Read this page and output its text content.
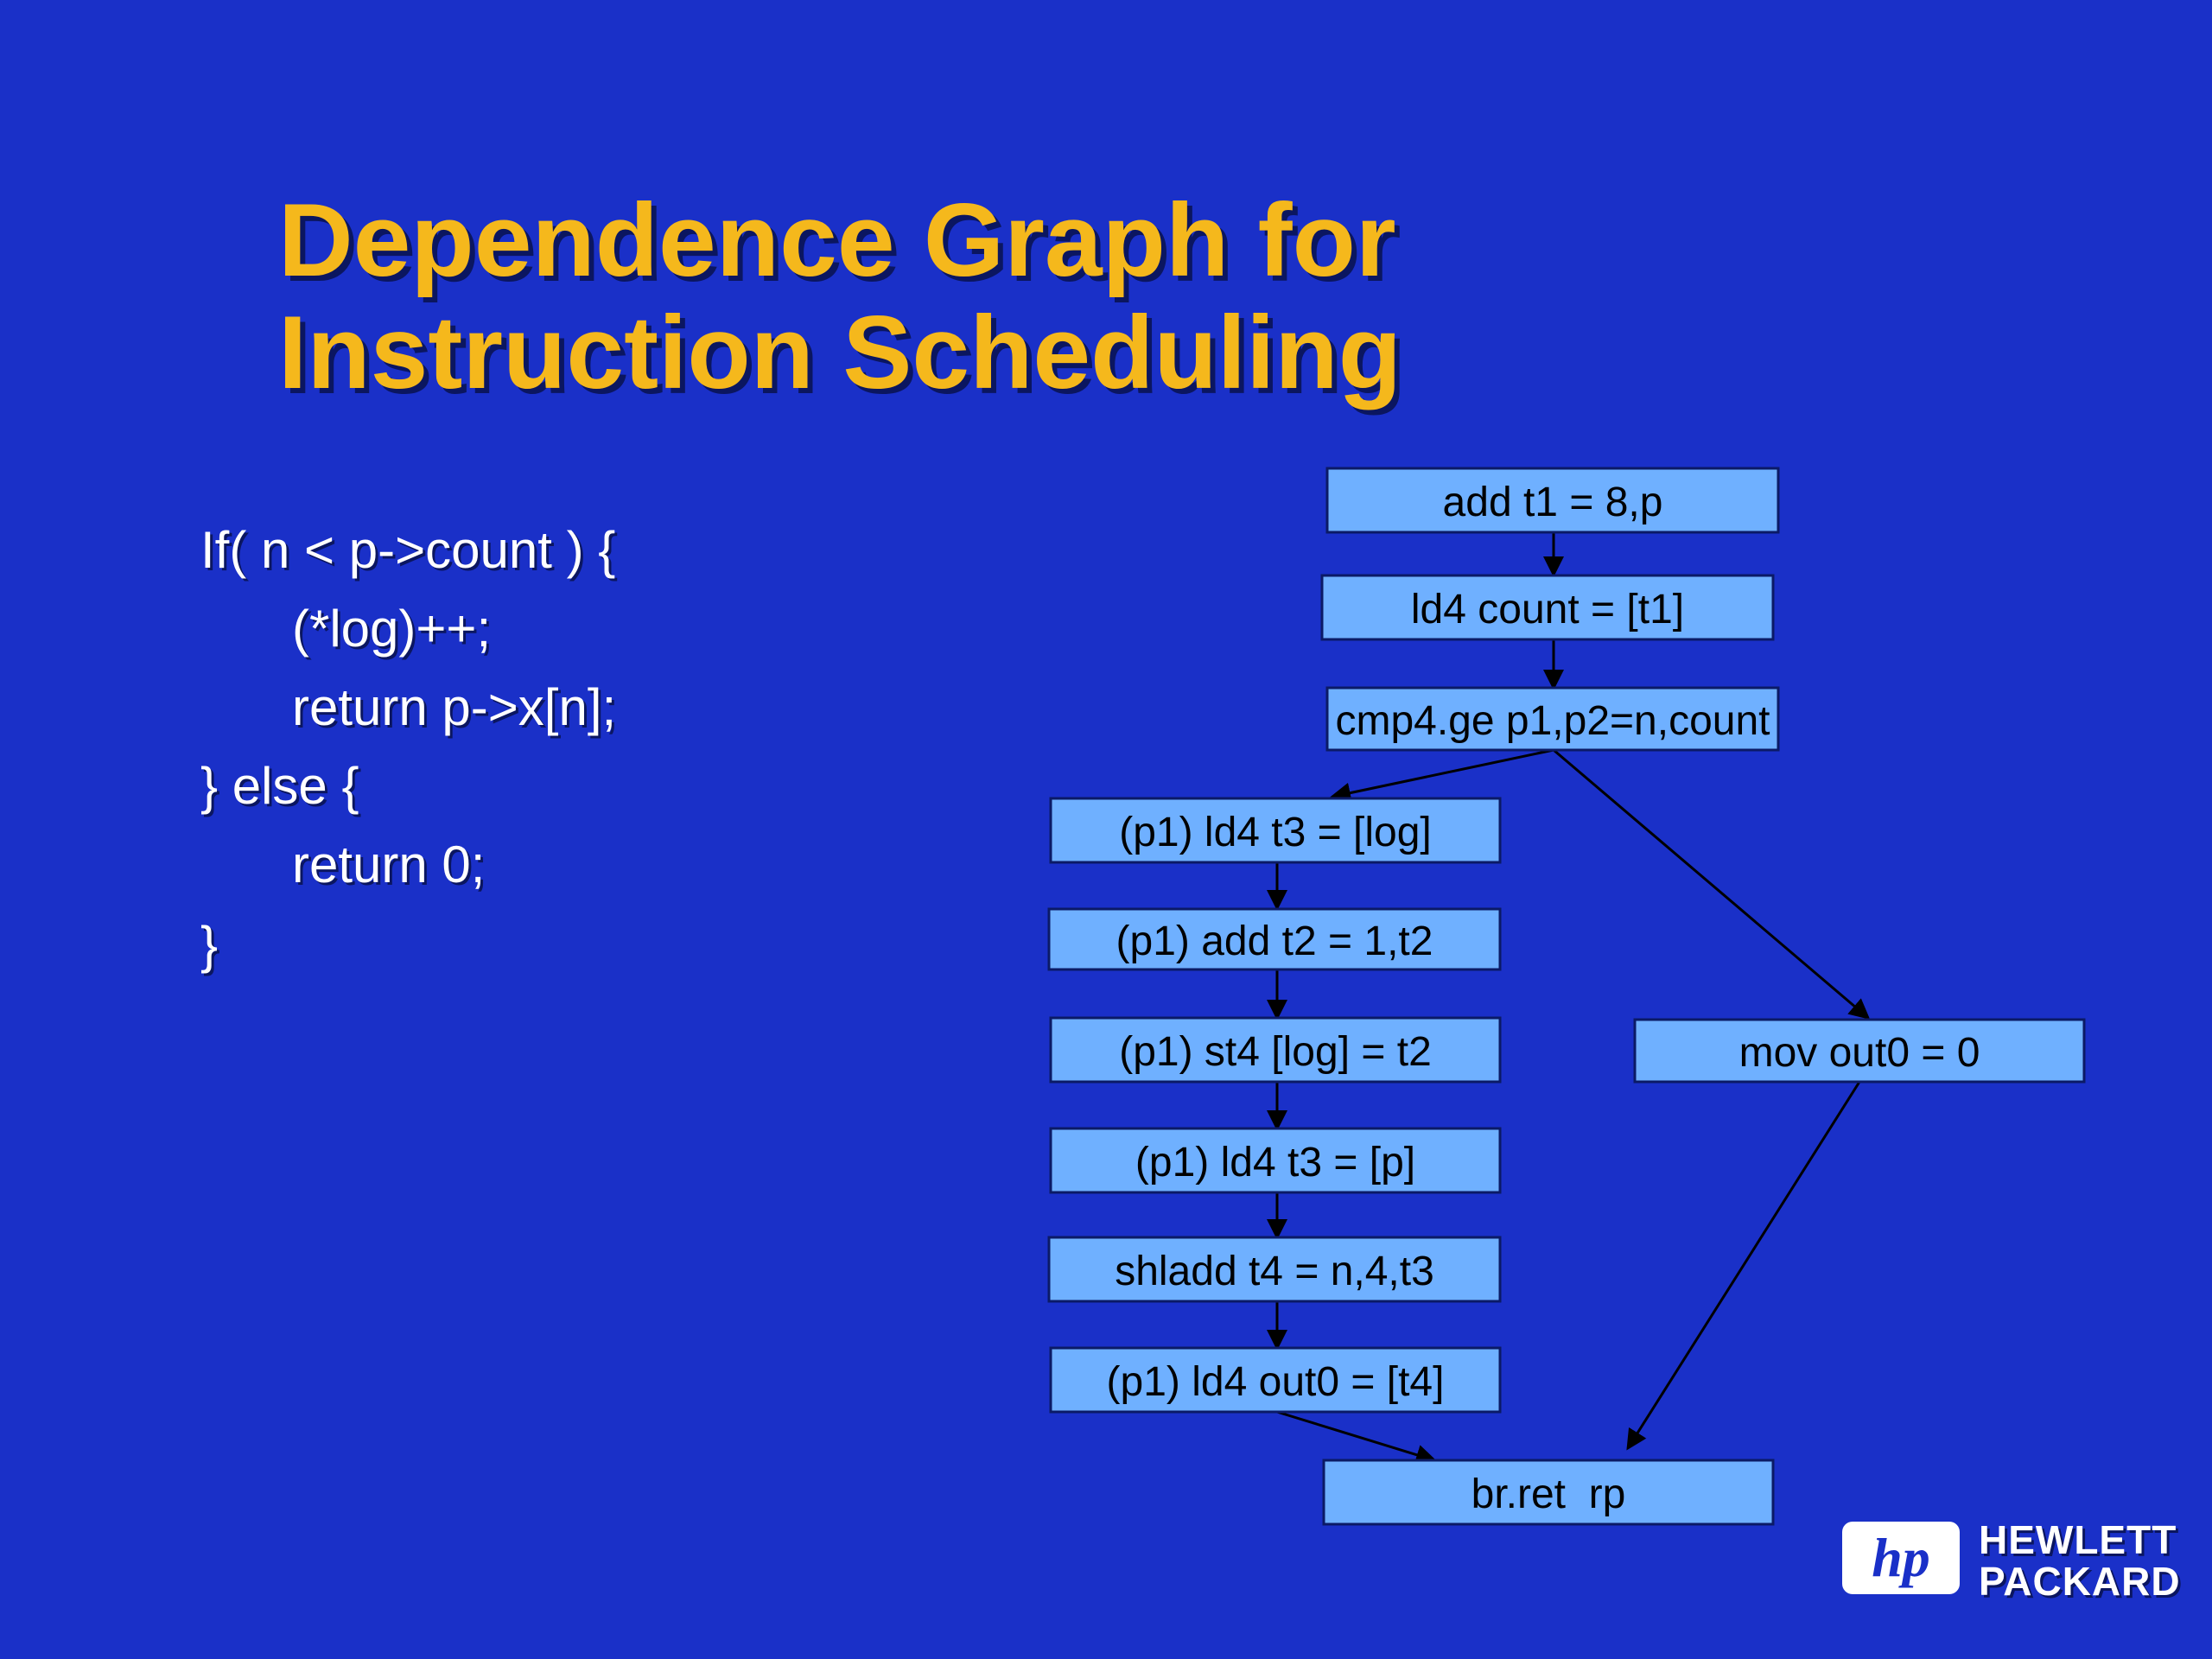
Dependence Graph for
Instruction Scheduling
If( n < p->count ) {
(*log)++;
return p->x[n];
} else {
return 0;
}
add t1 = 8,p
ld4 count = [t1]
cmp4.ge p1,p2=n,count
(p1) ld4 t3 = [log]
(p1) add t2 = 1,t2
(p1) st4 [log] = t2
(p1) ld4 t3 = [p]
shladd t4 = n,4,t3
(p1) ld4 out0 = [t4]
mov out0 = 0
br.ret  rp
hp	HEWLETT
PACKARD
